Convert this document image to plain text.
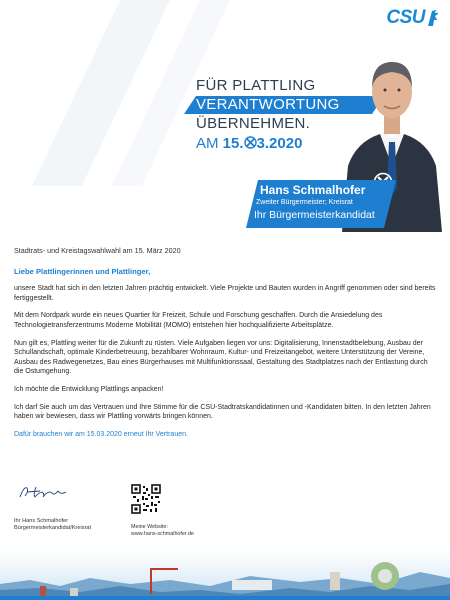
CSU
FÜR PLATTLING
VERANTWORTUNG
ÜBERNEHMEN.
AM 15. 3.2020
Hans Schmalhofer
Zweiter Bürgermeister; Kreisrat
Ihr Bürgermeisterkandidat
Stadtrats- und Kreistagswahlwahl am 15. März 2020
Liebe Plattlingerinnen und Plattlinger,
unsere Stadt hat sich in den letzten Jahren prächtig entwickelt. Viele Projekte und Bauten wurden in Angriff genommen oder sind bereits fertiggestellt.
Mit dem Nordpark wurde ein neues Quartier für Freizeit, Schule und Forschung geschaffen. Durch die Ansiedelung des Technologietransferzentrums Moderne Mobilität (MOMO) entstehen hier hochqualifizierte Arbeitsplätze.
Nun gilt es, Plattling weiter für die Zukunft zu rüsten. Viele Aufgaben liegen vor uns: Digitalisierung, Innenstadtbelebung, Ausbau der Schullandschaft, optimale Kinderbetreuung, bezahlbarer Wohnraum, Kultur- und Freizeitangebot, weitere Unterstützung der Vereine, Ausbau des Radwegenetzes, Bau eines Bürgerhauses mit Multifunktionssaal, Gestaltung des Stadtplatzes nach der Entlastung durch die Ostumgehung.
Ich möchte die Entwicklung Plattlings anpacken!
Ich darf Sie auch um das Vertrauen und Ihre Stimme für die CSU-Stadtratskandidatinnen und -Kandidaten bitten. In den letzten Jahren haben wir bewiesen, dass wir Plattling vorwärts bringen können.
Dafür brauchen wir am 15.03.2020 erneut Ihr Vertrauen.
Ihr Hans Schmalhofer
Bürgermeisterkandidat/Kreisrat	Meine Website:
www.hans-schmalhofer.de
